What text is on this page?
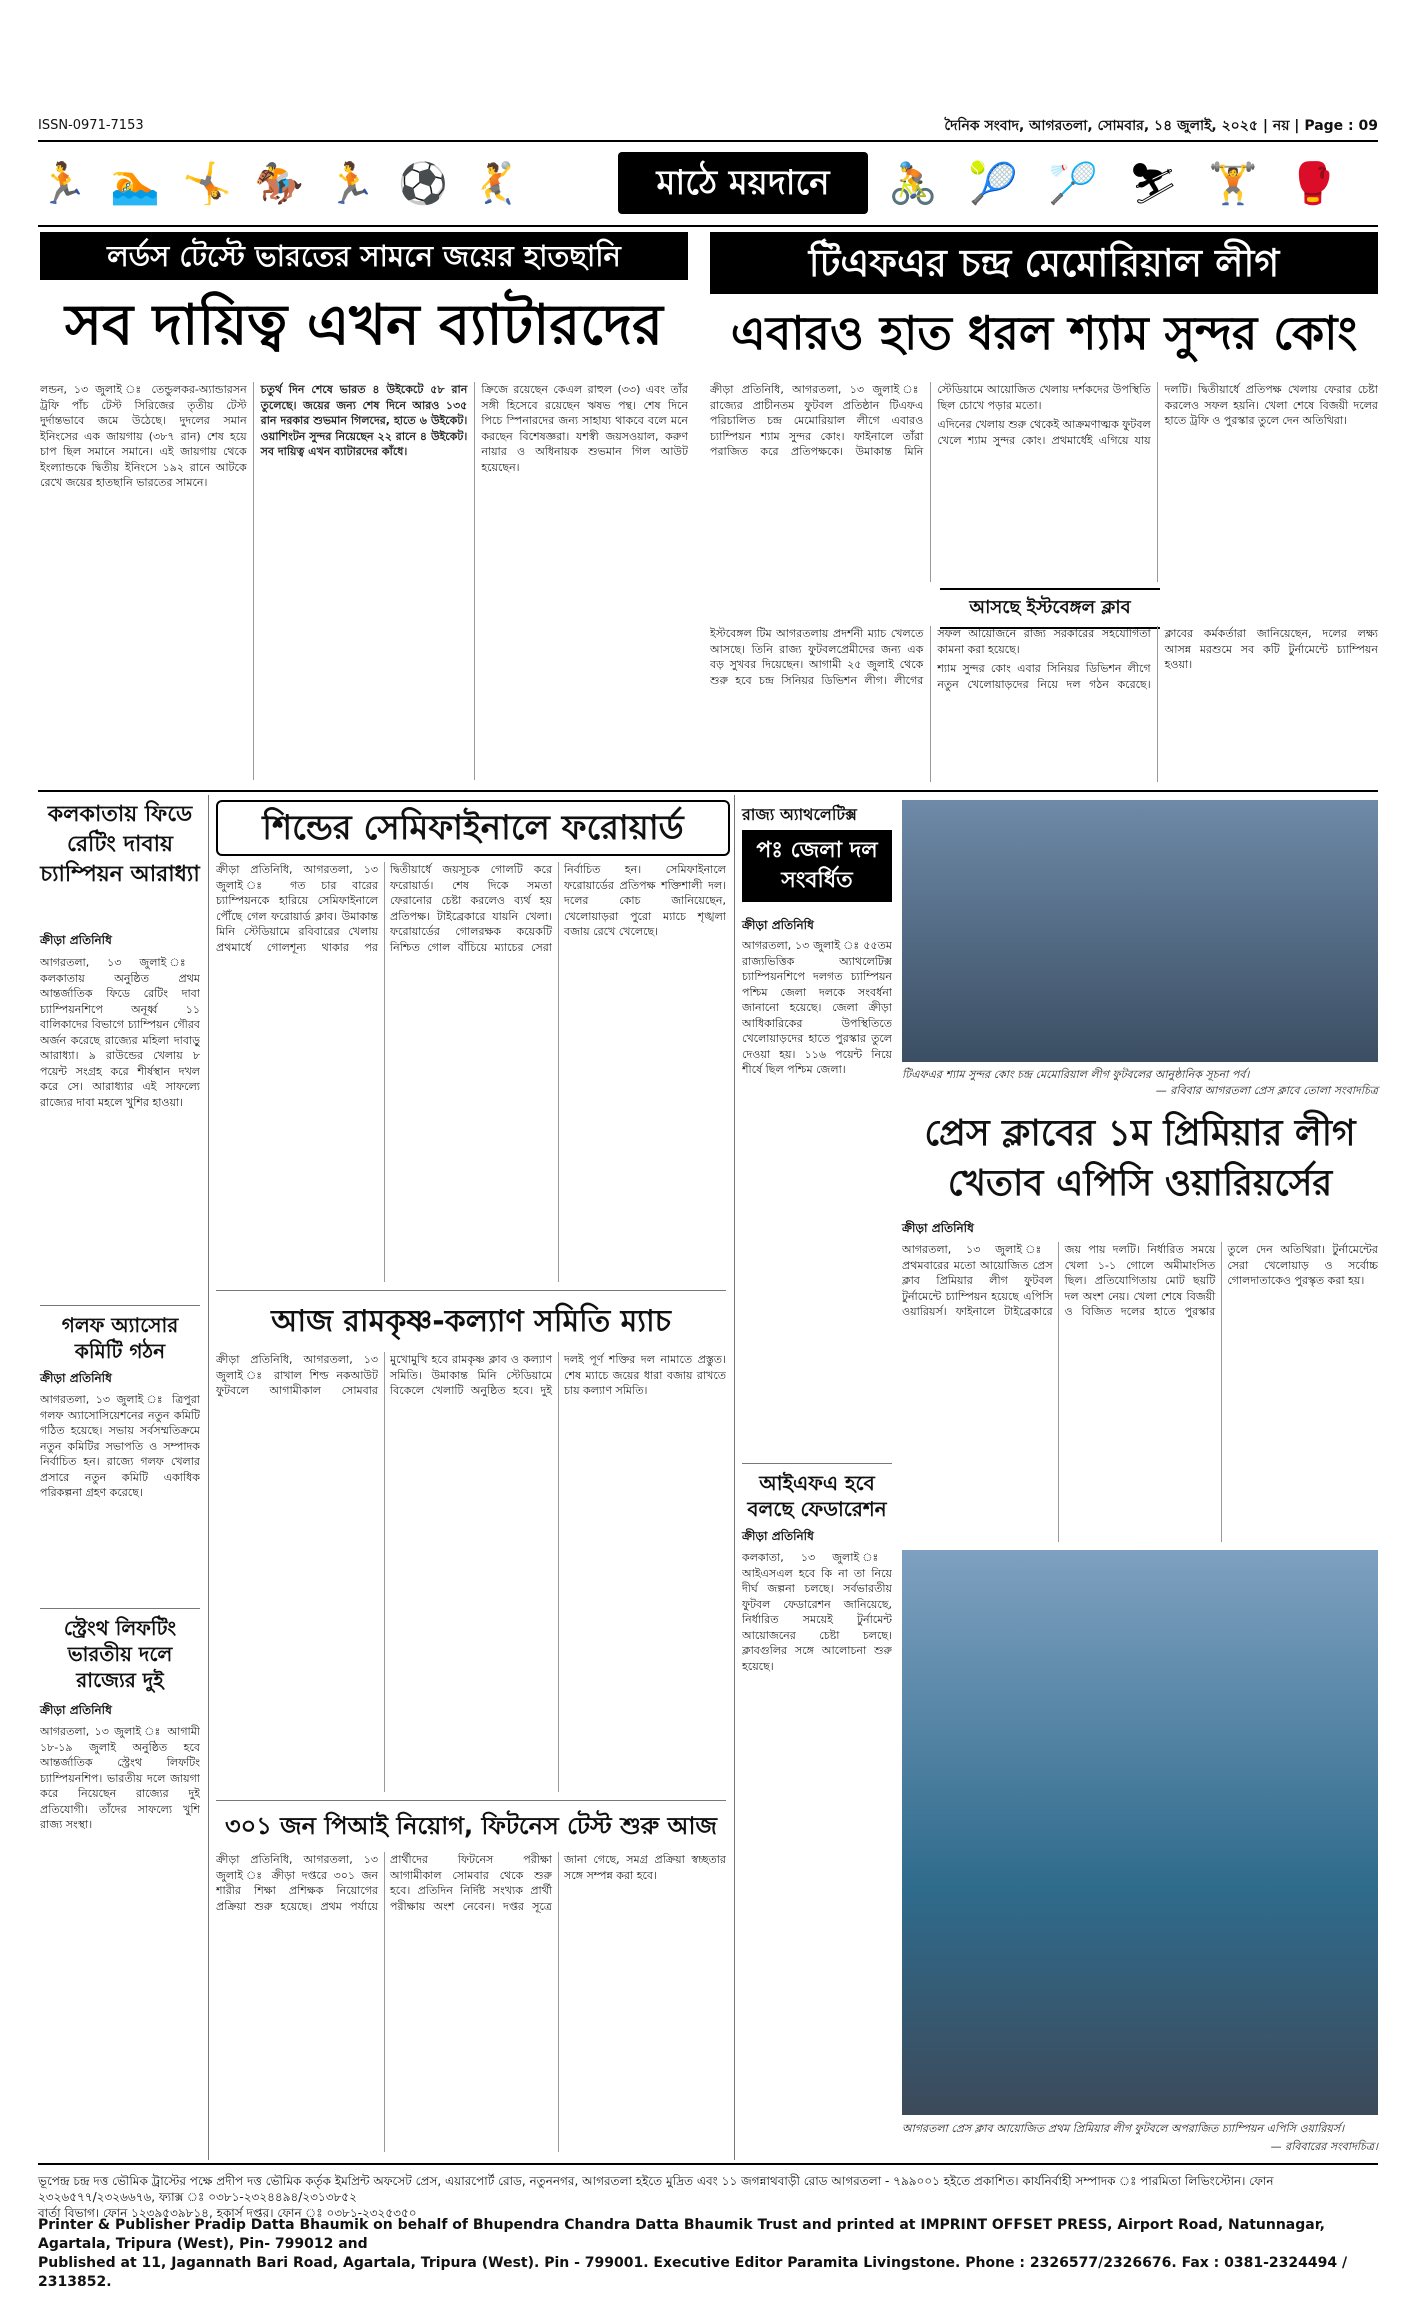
ISSN-0971-7153	দৈনিক সংবাদ, আগরতলা, সোমবার, ১৪ জুলাই, ২০২৫ | নয় | Page : 09
🏃 🏊 🤸 🏇 🏃 ⚽ 🤾	মাঠে ময়দানে	🚴 🎾 🏸 ⛷ 🏋 🥊
লর্ডস টেস্টে ভারতের সামনে জয়ের হাতছানি
সব দায়িত্ব এখন ব্যাটারদের

লন্ডন, ১৩ জুলাই ঃ তেন্ডুলকর-অ্যান্ডারসন ট্রফি পাঁচ টেস্ট সিরিজের তৃতীয় টেস্ট দুর্দান্তভাবে জমে উঠেছে। দুদলের সমান ইনিংসের এক জায়গায় (৩৮৭ রান) শেষ হয়ে চাপ ছিল সমানে সমানে। এই জায়গায় থেকে ইংল্যান্ডকে দ্বিতীয় ইনিংসে ১৯২ রানে আটকে রেখে জয়ের হাতছানি ভারতের সামনে।

চতুর্থ দিন শেষে ভারত ৪ উইকেটে ৫৮ রান তুলেছে। জয়ের জন্য শেষ দিনে আরও ১৩৫ রান দরকার শুভমান গিলদের, হাতে ৬ উইকেট। ওয়াশিংটন সুন্দর নিয়েছেন ২২ রানে ৪ উইকেট। সব দায়িত্ব এখন ব্যাটারদের কাঁধে।

ক্রিজে রয়েছেন কেএল রাহুল (৩৩) এবং তাঁর সঙ্গী হিসেবে রয়েছেন ঋষভ পন্থ। শেষ দিনে পিচে স্পিনারদের জন্য সাহায্য থাকবে বলে মনে করছেন বিশেষজ্ঞরা। যশস্বী জয়সওয়াল, করুণ নায়ার ও অধিনায়ক শুভমান গিল আউট হয়েছেন।

টিএফএর চন্দ্র মেমোরিয়াল লীগ
এবারও হাত ধরল শ্যাম সুন্দর কোং

ক্রীড়া প্রতিনিধি, আগরতলা, ১৩ জুলাই ঃ রাজ্যের প্রাচীনতম ফুটবল প্রতিষ্ঠান টিএফএ পরিচালিত চন্দ্র মেমোরিয়াল লীগে এবারও চ্যাম্পিয়ন শ্যাম সুন্দর কোং। ফাইনালে তাঁরা পরাজিত করে প্রতিপক্ষকে। উমাকান্ত মিনি স্টেডিয়ামে আয়োজিত খেলায় দর্শকদের উপস্থিতি ছিল চোখে পড়ার মতো।

এদিনের খেলায় শুরু থেকেই আক্রমণাত্মক ফুটবল খেলে শ্যাম সুন্দর কোং। প্রথমার্ধেই এগিয়ে যায় দলটি। দ্বিতীয়ার্ধে প্রতিপক্ষ খেলায় ফেরার চেষ্টা করলেও সফল হয়নি। খেলা শেষে বিজয়ী দলের হাতে ট্রফি ও পুরস্কার তুলে দেন অতিথিরা।

আসছে ইস্টবেঙ্গল ক্লাব

ইস্টবেঙ্গল টিম আগরতলায় প্রদর্শনী ম্যাচ খেলতে আসছে। তিনি রাজ্য ফুটবলপ্রেমীদের জন্য এক বড় সুখবর দিয়েছেন। আগামী ২৫ জুলাই থেকে শুরু হবে চন্দ্র সিনিয়র ডিভিশন লীগ। লীগের সফল আয়োজনে রাজ্য সরকারের সহযোগিতা কামনা করা হয়েছে।

শ্যাম সুন্দর কোং এবার সিনিয়র ডিভিশন লীগে নতুন খেলোয়াড়দের নিয়ে দল গঠন করেছে। ক্লাবের কর্মকর্তারা জানিয়েছেন, দলের লক্ষ্য আসন্ন মরশুমে সব কটি টুর্নামেন্টে চ্যাম্পিয়ন হওয়া।

কলকাতায় ফিডে রেটিং দাবায় চ্যাম্পিয়ন আরাধ্যা
ক্রীড়া প্রতিনিধি
আগরতলা, ১৩ জুলাই ঃ কলকাতায় অনুষ্ঠিত প্রথম আন্তর্জাতিক ফিডে রেটিং দাবা চ্যাম্পিয়নশিপে অনূর্ধ্ব ১১ বালিকাদের বিভাগে চ্যাম্পিয়ন গৌরব অর্জন করেছে রাজ্যের মহিলা দাবাড়ু আরাধ্যা। ৯ রাউন্ডের খেলায় ৮ পয়েন্ট সংগ্রহ করে শীর্ষস্থান দখল করে সে। আরাধ্যার এই সাফল্যে রাজ্যের দাবা মহলে খুশির হাওয়া।
গলফ অ্যাসোর কমিটি গঠন
ক্রীড়া প্রতিনিধি
আগরতলা, ১৩ জুলাই ঃ ত্রিপুরা গলফ অ্যাসোসিয়েশনের নতুন কমিটি গঠিত হয়েছে। সভায় সর্বসম্মতিক্রমে নতুন কমিটির সভাপতি ও সম্পাদক নির্বাচিত হন। রাজ্যে গলফ খেলার প্রসারে নতুন কমিটি একাধিক পরিকল্পনা গ্রহণ করেছে।
স্ট্রেংথ লিফটিং ভারতীয় দলে রাজ্যের দুই
ক্রীড়া প্রতিনিধি
আগরতলা, ১৩ জুলাই ঃ আগামী ১৮-১৯ জুলাই অনুষ্ঠিত হবে আন্তর্জাতিক স্ট্রেংথ লিফটিং চ্যাম্পিয়নশিপ। ভারতীয় দলে জায়গা করে নিয়েছেন রাজ্যের দুই প্রতিযোগী। তাঁদের সাফল্যে খুশি রাজ্য সংস্থা।
শিন্ডের সেমিফাইনালে ফরোয়ার্ড
ক্রীড়া প্রতিনিধি, আগরতলা, ১৩ জুলাই ঃ গত চার বারের চ্যাম্পিয়নকে হারিয়ে সেমিফাইনালে পৌঁছে গেল ফরোয়ার্ড ক্লাব। উমাকান্ত মিনি স্টেডিয়ামে রবিবারের খেলায় প্রথমার্ধে গোলশূন্য থাকার পর দ্বিতীয়ার্ধে জয়সূচক গোলটি করে ফরোয়ার্ড। শেষ দিকে সমতা ফেরানোর চেষ্টা করলেও ব্যর্থ হয় প্রতিপক্ষ। টাইব্রেকারে যায়নি খেলা। ফরোয়ার্ডের গোলরক্ষক কয়েকটি নিশ্চিত গোল বাঁচিয়ে ম্যাচের সেরা নির্বাচিত হন। সেমিফাইনালে ফরোয়ার্ডের প্রতিপক্ষ শক্তিশালী দল। দলের কোচ জানিয়েছেন, খেলোয়াড়রা পুরো ম্যাচে শৃঙ্খলা বজায় রেখে খেলেছে।
আজ রামকৃষ্ণ-কল্যাণ সমিতি ম্যাচ
ক্রীড়া প্রতিনিধি, আগরতলা, ১৩ জুলাই ঃ রাখাল শিল্ড নকআউট ফুটবলে আগামীকাল সোমবার মুখোমুখি হবে রামকৃষ্ণ ক্লাব ও কল্যাণ সমিতি। উমাকান্ত মিনি স্টেডিয়ামে বিকেলে খেলাটি অনুষ্ঠিত হবে। দুই দলই পূর্ণ শক্তির দল নামাতে প্রস্তুত। শেষ ম্যাচে জয়ের ধারা বজায় রাখতে চায় কল্যাণ সমিতি।
৩০১ জন পিআই নিয়োগ, ফিটনেস টেস্ট শুরু আজ
ক্রীড়া প্রতিনিধি, আগরতলা, ১৩ জুলাই ঃ ক্রীড়া দপ্তরে ৩০১ জন শারীর শিক্ষা প্রশিক্ষক নিয়োগের প্রক্রিয়া শুরু হয়েছে। প্রথম পর্যায়ে প্রার্থীদের ফিটনেস পরীক্ষা আগামীকাল সোমবার থেকে শুরু হবে। প্রতিদিন নির্দিষ্ট সংখ্যক প্রার্থী পরীক্ষায় অংশ নেবেন। দপ্তর সূত্রে জানা গেছে, সমগ্র প্রক্রিয়া স্বচ্ছতার সঙ্গে সম্পন্ন করা হবে।
রাজ্য অ্যাথলেটিক্স
পঃ জেলা দল সংবর্ধিত
ক্রীড়া প্রতিনিধি
আগরতলা, ১৩ জুলাই ঃ ৫৫তম রাজ্যভিত্তিক অ্যাথলেটিক্স চ্যাম্পিয়নশিপে দলগত চ্যাম্পিয়ন পশ্চিম জেলা দলকে সংবর্ধনা জানানো হয়েছে। জেলা ক্রীড়া আধিকারিকের উপস্থিতিতে খেলোয়াড়দের হাতে পুরস্কার তুলে দেওয়া হয়। ১১৬ পয়েন্ট নিয়ে শীর্ষে ছিল পশ্চিম জেলা।	টিএফএর শ্যাম সুন্দর কোং চন্দ্র মেমোরিয়াল লীগ ফুটবলের আনুষ্ঠানিক সূচনা পর্ব।
— রবিবার আগরতলা প্রেস ক্লাবে তোলা সংবাদচিত্র
প্রেস ক্লাবের ১ম প্রিমিয়ার লীগ
খেতাব এপিসি ওয়ারিয়র্সের
ক্রীড়া প্রতিনিধি
আগরতলা, ১৩ জুলাই ঃ প্রথমবারের মতো আয়োজিত প্রেস ক্লাব প্রিমিয়ার লীগ ফুটবল টুর্নামেন্টে চ্যাম্পিয়ন হয়েছে এপিসি ওয়ারিয়র্স। ফাইনালে টাইব্রেকারে জয় পায় দলটি। নির্ধারিত সময়ে খেলা ১-১ গোলে অমীমাংসিত ছিল। প্রতিযোগিতায় মোট ছয়টি দল অংশ নেয়। খেলা শেষে বিজয়ী ও বিজিত দলের হাতে পুরস্কার তুলে দেন অতিথিরা। টুর্নামেন্টের সেরা খেলোয়াড় ও সর্বোচ্চ গোলদাতাকেও পুরস্কৃত করা হয়।
আইএফএ হবে বলছে ফেডারেশন
ক্রীড়া প্রতিনিধি
কলকাতা, ১৩ জুলাই ঃ আইএসএল হবে কি না তা নিয়ে দীর্ঘ জল্পনা চলছে। সর্বভারতীয় ফুটবল ফেডারেশন জানিয়েছে, নির্ধারিত সময়েই টুর্নামেন্ট আয়োজনের চেষ্টা চলছে। ক্লাবগুলির সঙ্গে আলোচনা শুরু হয়েছে।
আগরতলা প্রেস ক্লাব আয়োজিত প্রথম প্রিমিয়ার লীগ ফুটবলে অপরাজিত চ্যাম্পিয়ন এপিসি ওয়ারিয়র্স।
— রবিবারের সংবাদচিত্র।
ভূপেন্দ্র চন্দ্র দত্ত ভৌমিক ট্রাস্টের পক্ষে প্রদীপ দত্ত ভৌমিক কর্তৃক ইমপ্রিন্ট অফসেট প্রেস, এয়ারপোর্ট রোড, নতুননগর, আগরতলা হইতে মুদ্রিত এবং ১১ জগন্নাথবাড়ী রোড আগরতলা - ৭৯৯০০১ হইতে প্রকাশিত। কার্যনির্বাহী সম্পাদক ঃ পারমিতা লিভিংস্টোন। ফোন ২৩২৬৫৭৭/২৩২৬৬৭৬, ফ্যাক্স ঃ ০৩৮১-২৩২৪৪৯৪/২৩১৩৮৫২
বার্তা বিভাগ। ফোন ১২৩৯৫৩৯৮১৪, হকার্স দপ্তর। ফোন ঃ ০৩৮১-২৩২৫৩৫০
Printer & Publisher Pradip Datta Bhaumik on behalf of Bhupendra Chandra Datta Bhaumik Trust and printed at IMPRINT OFFSET PRESS, Airport Road, Natunnagar, Agartala, Tripura (West), Pin- 799012 and
Published at 11, Jagannath Bari Road, Agartala, Tripura (West). Pin - 799001. Executive Editor Paramita Livingstone. Phone : 2326577/2326676. Fax : 0381-2324494 / 2313852.
